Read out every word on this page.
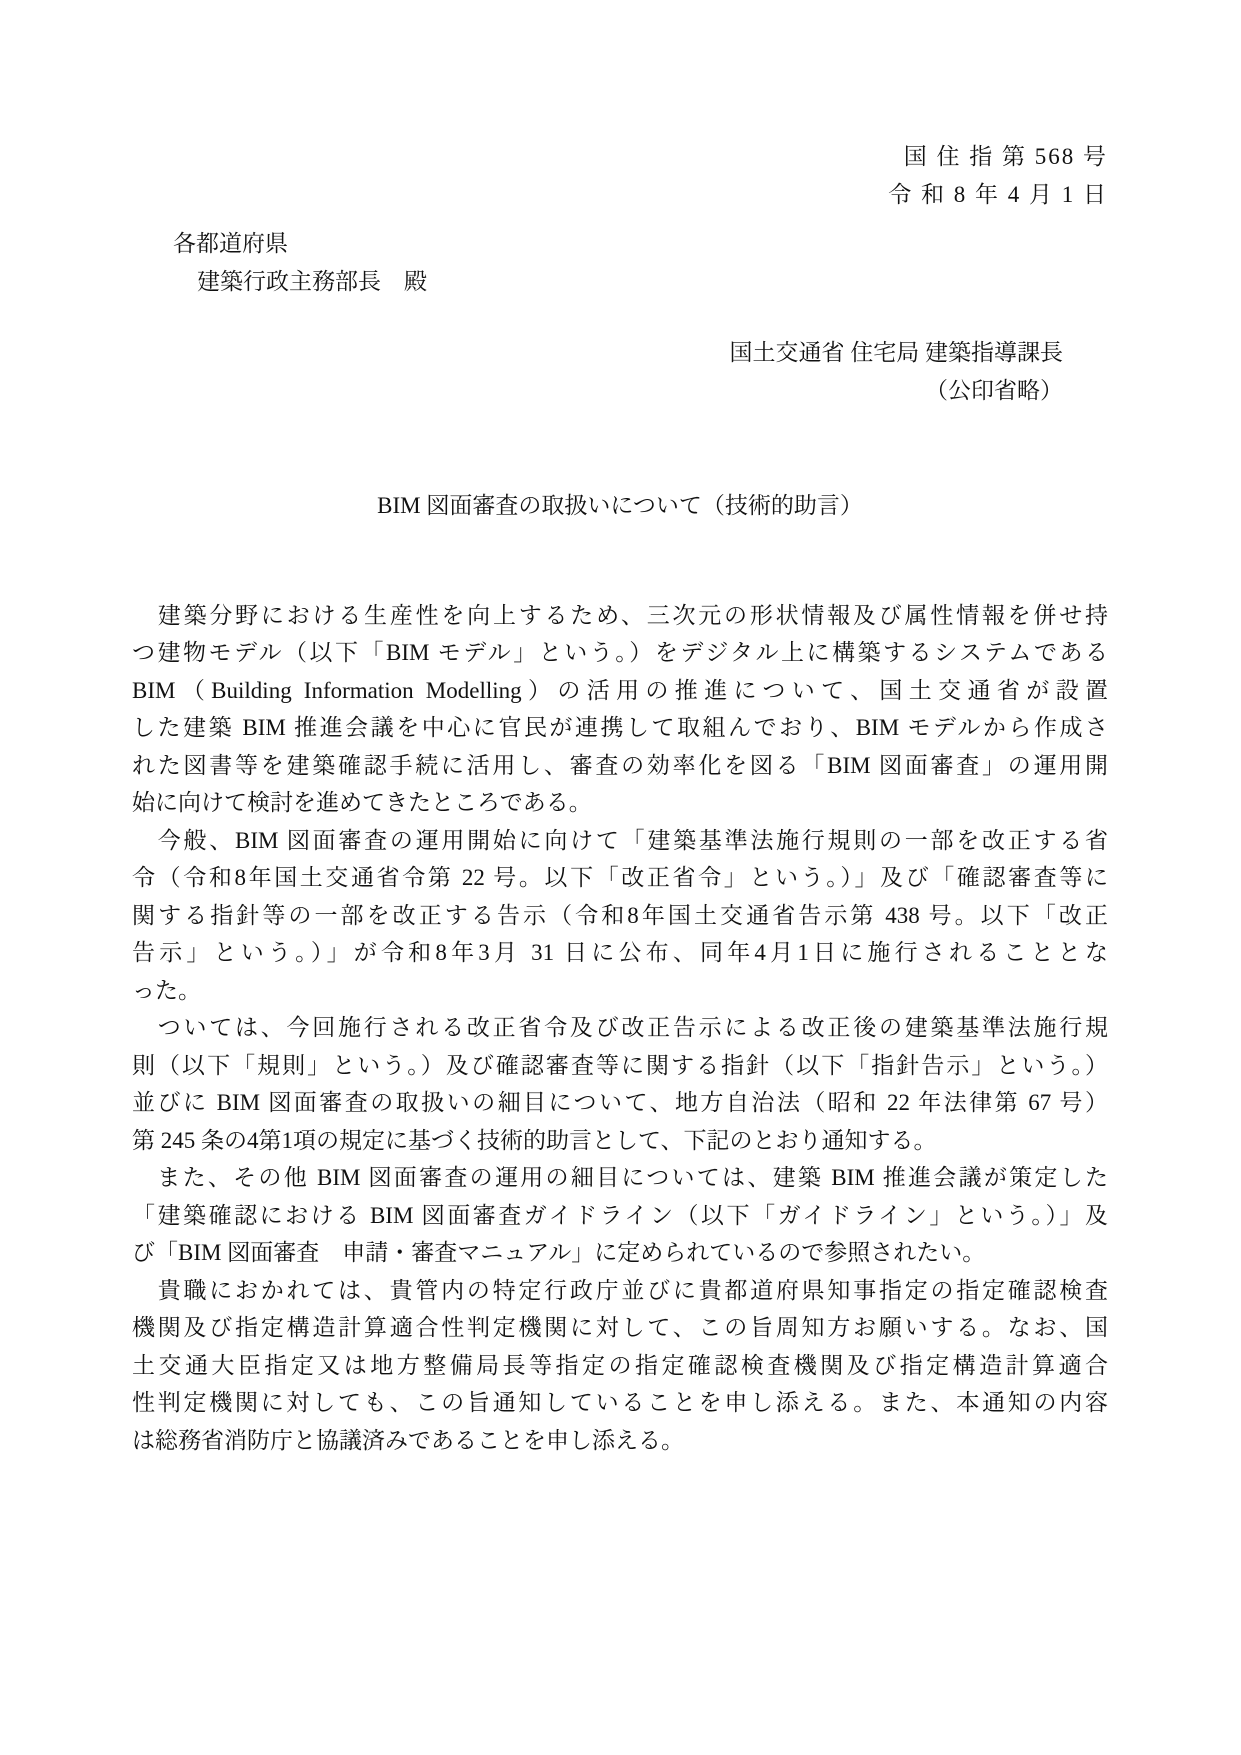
国 住 指 第 568 号
令 和 8 年 4 月 1 日
各都道府県
建築行政主務部長　殿
国土交通省 住宅局 建築指導課長
（公印省略）
BIM 図面審査の取扱いについて（技術的助言）
　建築分野における生産性を向上するため、三次元の形状情報及び属性情報を併せ持
つ建物モデル（以下「BIM モデル」という。）をデジタル上に構築するシステムである
BIM（Building Information Modelling）の活用の推進について、国土交通省が設置
した建築 BIM 推進会議を中心に官民が連携して取組んでおり、BIM モデルから作成さ
れた図書等を建築確認手続に活用し、審査の効率化を図る「BIM 図面審査」の運用開
始に向けて検討を進めてきたところである。
　今般、BIM 図面審査の運用開始に向けて「建築基準法施行規則の一部を改正する省
令（令和8年国土交通省令第 22 号。以下「改正省令」という。）」及び「確認審査等に
関する指針等の一部を改正する告示（令和8年国土交通省告示第 438 号。以下「改正
告示」という。）」が令和8年3月 31 日に公布、同年4月1日に施行されることとな
った。
　ついては、今回施行される改正省令及び改正告示による改正後の建築基準法施行規
則（以下「規則」という。）及び確認審査等に関する指針（以下「指針告示」という。）
並びに BIM 図面審査の取扱いの細目について、地方自治法（昭和 22 年法律第 67 号）
第 245 条の4第1項の規定に基づく技術的助言として、下記のとおり通知する。
　また、その他 BIM 図面審査の運用の細目については、建築 BIM 推進会議が策定した
「建築確認における BIM 図面審査ガイドライン（以下「ガイドライン」という。）」及
び「BIM 図面審査　申請・審査マニュアル」に定められているので参照されたい。
　貴職におかれては、貴管内の特定行政庁並びに貴都道府県知事指定の指定確認検査
機関及び指定構造計算適合性判定機関に対して、この旨周知方お願いする。なお、国
土交通大臣指定又は地方整備局長等指定の指定確認検査機関及び指定構造計算適合
性判定機関に対しても、この旨通知していることを申し添える。また、本通知の内容
は総務省消防庁と協議済みであることを申し添える。
